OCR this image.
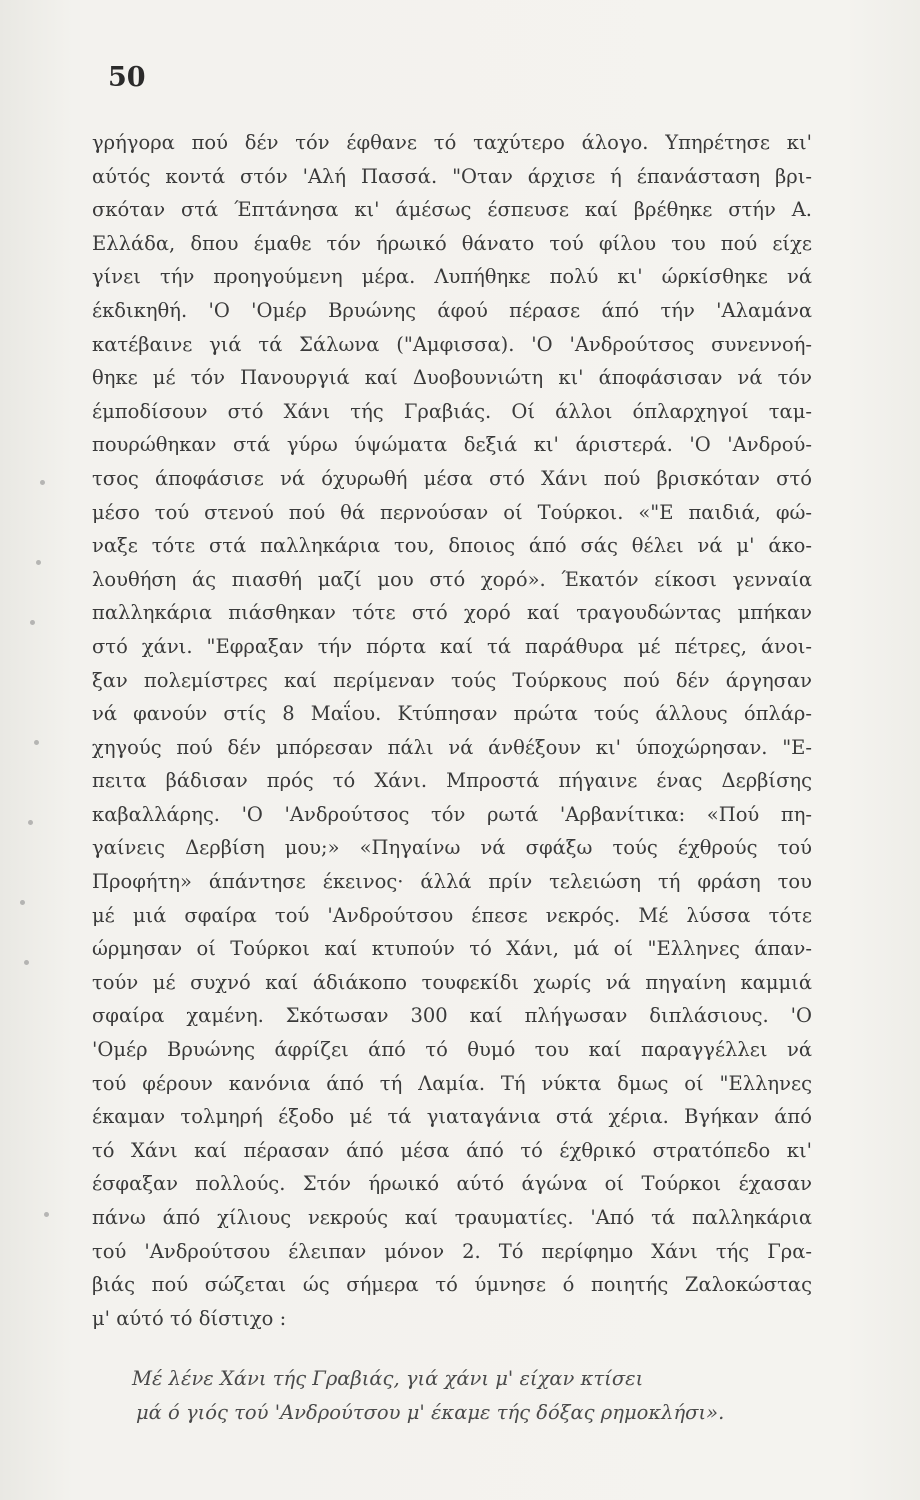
50
γρήγορα πού δέν τόν έφθανε τό ταχύτερο άλογο. Υπηρέτησε κι'
αύτός κοντά στόν 'Αλή Πασσά. "Οταν άρχισε ή έπανάσταση βρι-
σκόταν στά Έπτάνησα κι' άμέσως έσπευσε καί βρέθηκε στήν Α.
Ελλάδα, δπου έμαθε τόν ήρωικό θάνατο τού φίλου του πού είχε
γίνει τήν προηγούμενη μέρα. Λυπήθηκε πολύ κι' ώρκίσθηκε νά
έκδικηθή. 'Ο 'Ομέρ Βρυώνης άφού πέρασε άπό τήν 'Αλαμάνα
κατέβαινε γιά τά Σάλωνα ("Αμφισσα). 'Ο 'Ανδρούτσος συνεννοή-
θηκε μέ τόν Πανουργιά καί Δυοβουνιώτη κι' άποφάσισαν νά τόν
έμποδίσουν στό Χάνι τής Γραβιάς. Οί άλλοι όπλαρχηγοί ταμ-
πουρώθηκαν στά γύρω ύψώματα δεξιά κι' άριστερά. 'Ο 'Ανδρού-
τσος άποφάσισε νά όχυρωθή μέσα στό Χάνι πού βρισκόταν στό
μέσο τού στενού πού θά περνούσαν οί Τούρκοι. «"Ε παιδιά, φώ-
ναξε τότε στά παλληκάρια του, δποιος άπό σάς θέλει νά μ' άκο-
λουθήση άς πιασθή μαζί μου στό χορό». Έκατόν είκοσι γενναία
παλληκάρια πιάσθηκαν τότε στό χορό καί τραγουδώντας μπήκαν
στό χάνι. "Εφραξαν τήν πόρτα καί τά παράθυρα μέ πέτρες, άνοι-
ξαν πολεμίστρες καί περίμεναν τούς Τούρκους πού δέν άργησαν
νά φανούν στίς 8 Μαΐου. Κτύπησαν πρώτα τούς άλλους όπλάρ-
χηγούς πού δέν μπόρεσαν πάλι νά άνθέξουν κι' ύποχώρησαν. "Ε-
πειτα βάδισαν πρός τό Χάνι. Μπροστά πήγαινε ένας Δερβίσης
καβαλλάρης. 'Ο 'Ανδρούτσος τόν ρωτά 'Αρβανίτικα: «Πού πη-
γαίνεις Δερβίση μου;» «Πηγαίνω νά σφάξω τούς έχθρούς τού
Προφήτη» άπάντησε έκεινος· άλλά πρίν τελειώση τή φράση του
μέ μιά σφαίρα τού 'Ανδρούτσου έπεσε νεκρός. Μέ λύσσα τότε
ώρμησαν οί Τούρκοι καί κτυπούν τό Χάνι, μά οί "Ελληνες άπαν-
τούν μέ συχνό καί άδιάκοπο τουφεκίδι χωρίς νά πηγαίνη καμμιά
σφαίρα χαμένη. Σκότωσαν 300 καί πλήγωσαν διπλάσιους. 'Ο
'Ομέρ Βρυώνης άφρίζει άπό τό θυμό του καί παραγγέλλει νά
τού φέρουν κανόνια άπό τή Λαμία. Τή νύκτα δμως οί "Ελληνες
έκαμαν τολμηρή έξοδο μέ τά γιαταγάνια στά χέρια. Βγήκαν άπό
τό Χάνι καί πέρασαν άπό μέσα άπό τό έχθρικό στρατόπεδο κι'
έσφαξαν πολλούς. Στόν ήρωικό αύτό άγώνα οί Τούρκοι έχασαν
πάνω άπό χίλιους νεκρούς καί τραυματίες. 'Από τά παλληκάρια
τού 'Ανδρούτσου έλειπαν μόνον 2. Τό περίφημο Χάνι τής Γρα-
βιάς πού σώζεται ώς σήμερα τό ύμνησε ό ποιητής Ζαλοκώστας
μ' αύτό τό δίστιχο :
Μέ λένε Χάνι τής Γραβιάς, γιά χάνι μ' είχαν κτίσει
μά ό γιός τού 'Ανδρούτσου μ' έκαμε τής δόξας ρημοκλήσι».
